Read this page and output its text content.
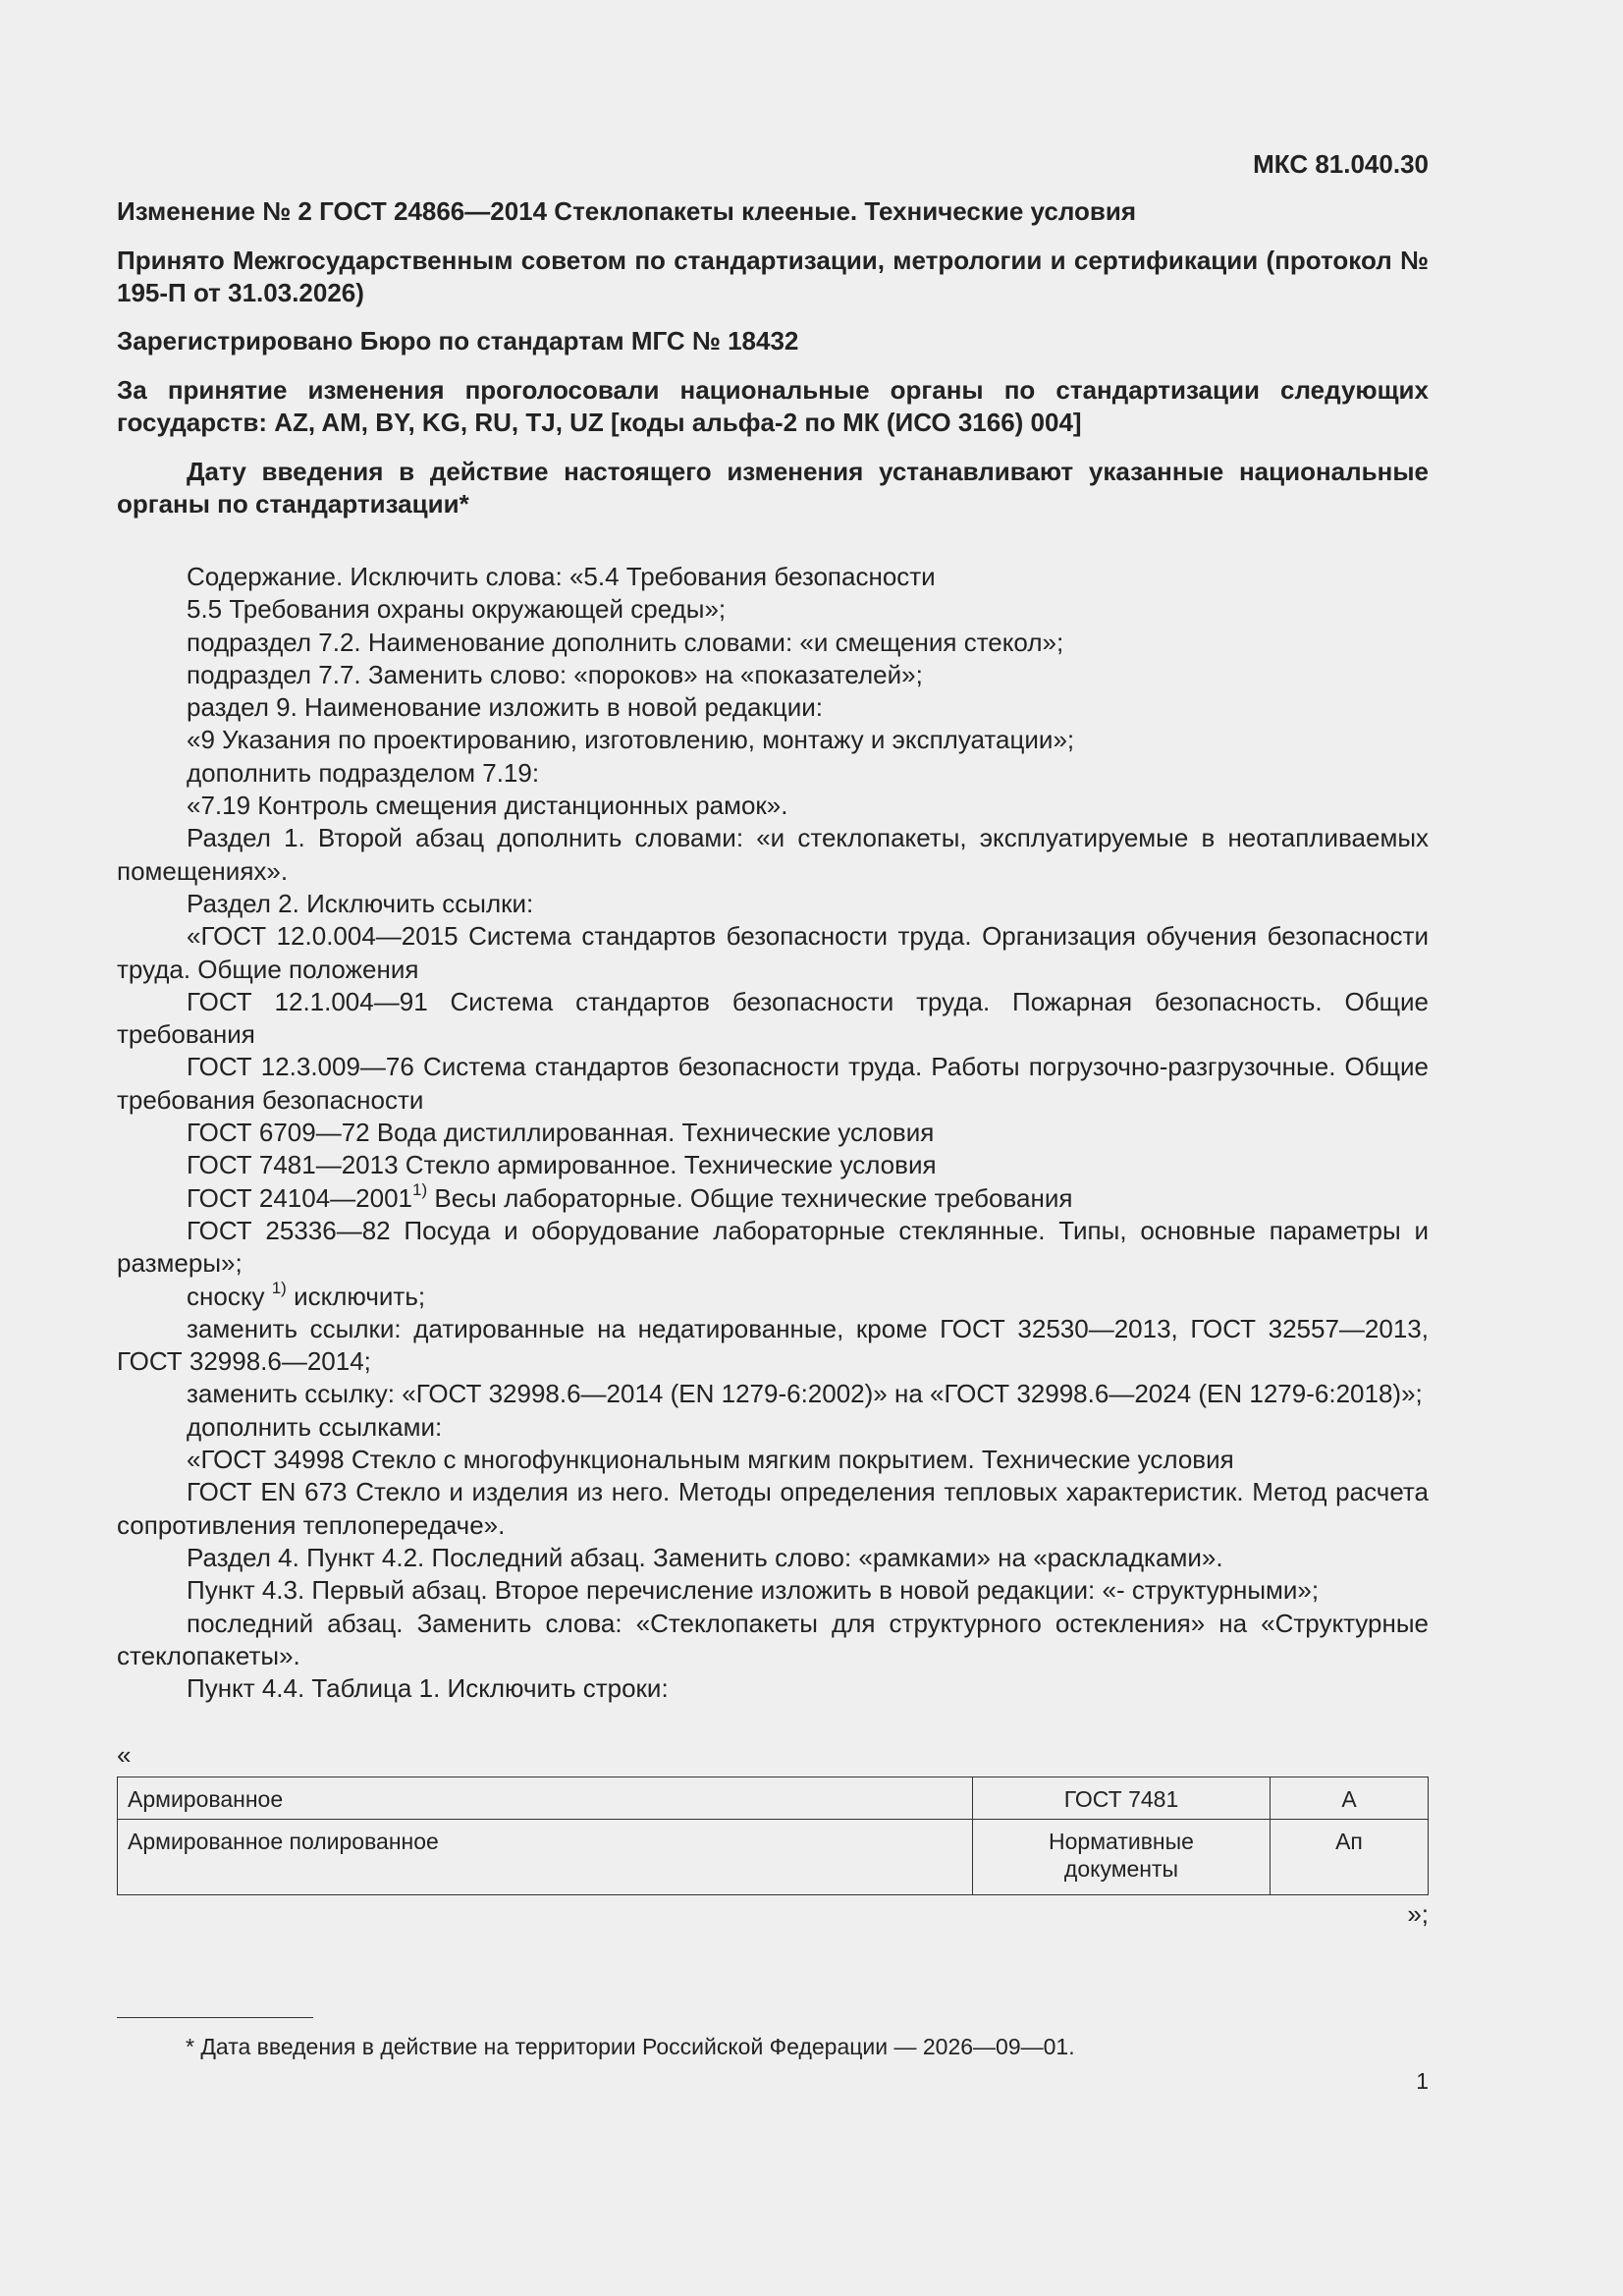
МКС 81.040.30
Изменение № 2 ГОСТ 24866—2014 Стеклопакеты клееные. Технические условия
Принято Межгосударственным советом по стандартизации, метрологии и сертификации (протокол № 195-П от 31.03.2026)
Зарегистрировано Бюро по стандартам МГС № 18432
За принятие изменения проголосовали национальные органы по стандартизации следующих государств: AZ, AM, BY, KG, RU, TJ, UZ [коды альфа-2 по МК (ИСО 3166) 004]
Дату введения в действие настоящего изменения устанавливают указанные национальные органы по стандартизации*

Содержание. Исключить слова: «5.4 Требования безопасности

5.5 Требования охраны окружающей среды»;

подраздел 7.2. Наименование дополнить словами: «и смещения стекол»;

подраздел 7.7. Заменить слово: «пороков» на «показателей»;

раздел 9. Наименование изложить в новой редакции:

«9 Указания по проектированию, изготовлению, монтажу и эксплуатации»;

дополнить подразделом 7.19:

«7.19 Контроль смещения дистанционных рамок».

Раздел 1. Второй абзац дополнить словами: «и стеклопакеты, эксплуатируемые в неотапливаемых помещениях».

Раздел 2. Исключить ссылки:

«ГОСТ 12.0.004—2015 Система стандартов безопасности труда. Организация обучения безопасности труда. Общие положения

ГОСТ 12.1.004—91 Система стандартов безопасности труда. Пожарная безопасность. Общие требования

ГОСТ 12.3.009—76 Система стандартов безопасности труда. Работы погрузочно-разгрузочные. Общие требования безопасности

ГОСТ 6709—72 Вода дистиллированная. Технические условия

ГОСТ 7481—2013 Стекло армированное. Технические условия

ГОСТ 24104—2001$^{1)}$ Весы лабораторные. Общие технические требования

ГОСТ 25336—82 Посуда и оборудование лабораторные стеклянные. Типы, основные параметры и размеры»;

сноску $^{1)}$ исключить;

заменить ссылки: датированные на недатированные, кроме ГОСТ 32530—2013, ГОСТ 32557—2013, ГОСТ 32998.6—2014;

заменить ссылку: «ГОСТ 32998.6—2014 (EN 1279-6:2002)» на «ГОСТ 32998.6—2024 (EN 1279-6:2018)»;

дополнить ссылками:

«ГОСТ 34998 Стекло с многофункциональным мягким покрытием. Технические условия

ГОСТ EN 673 Стекло и изделия из него. Методы определения тепловых характеристик. Метод расчета сопротивления теплопередаче».

Раздел 4. Пункт 4.2. Последний абзац. Заменить слово: «рамками» на «раскладками».

Пункт 4.3. Первый абзац. Второе перечисление изложить в новой редакции: «- структурными»;

последний абзац. Заменить слова: «Стеклопакеты для структурного остекления» на «Структурные стеклопакеты».

Пункт 4.4. Таблица 1. Исключить строки:

«
Армированное	ГОСТ 7481	А
Армированное полированное	Нормативные документы	Ап
»;
* Дата введения в действие на территории Российской Федерации — 2026—09—01.
1
